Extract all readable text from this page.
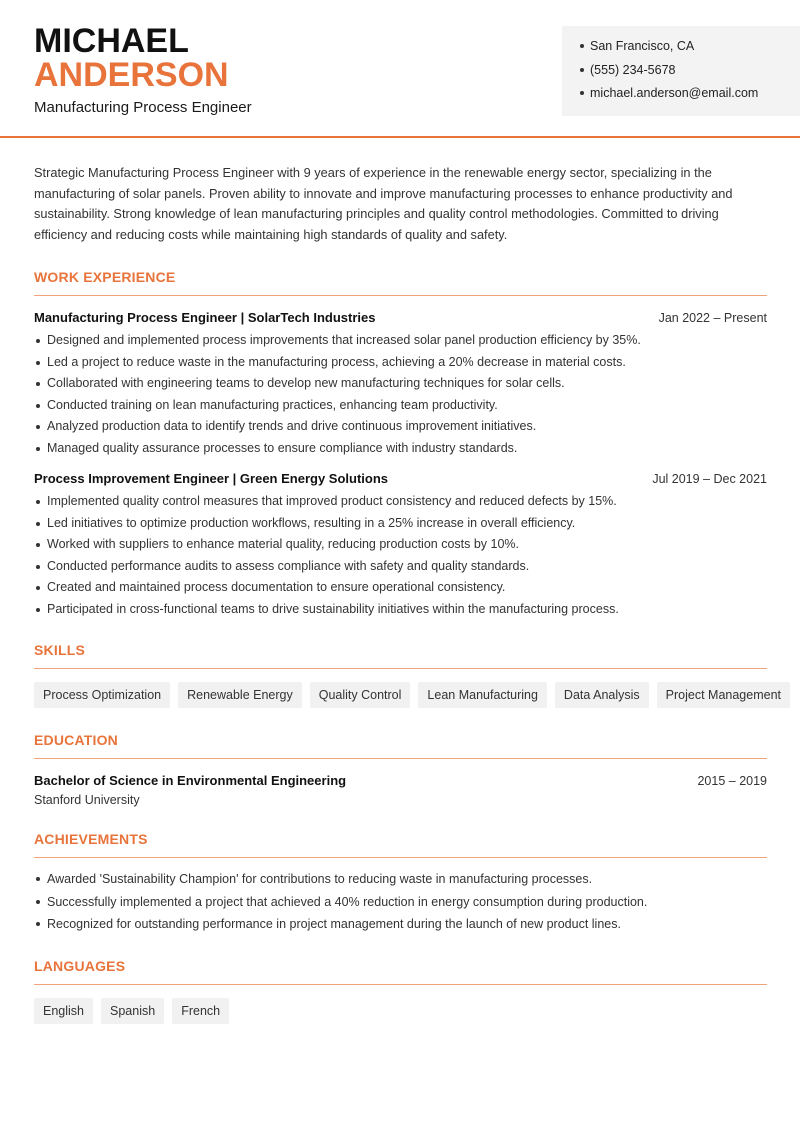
MICHAEL
ANDERSON
Manufacturing Process Engineer
San Francisco, CA
(555) 234-5678
michael.anderson@email.com

Strategic Manufacturing Process Engineer with 9 years of experience in the renewable energy sector, specializing in the manufacturing of solar panels. Proven ability to innovate and improve manufacturing processes to enhance productivity and sustainability. Strong knowledge of lean manufacturing principles and quality control methodologies. Committed to driving efficiency and reducing costs while maintaining high standards of quality and safety.

WORK EXPERIENCE
Manufacturing Process Engineer | SolarTech Industries	Jan 2022 – Present
Designed and implemented process improvements that increased solar panel production efficiency by 35%.
Led a project to reduce waste in the manufacturing process, achieving a 20% decrease in material costs.
Collaborated with engineering teams to develop new manufacturing techniques for solar cells.
Conducted training on lean manufacturing practices, enhancing team productivity.
Analyzed production data to identify trends and drive continuous improvement initiatives.
Managed quality assurance processes to ensure compliance with industry standards.
Process Improvement Engineer | Green Energy Solutions	Jul 2019 – Dec 2021
Implemented quality control measures that improved product consistency and reduced defects by 15%.
Led initiatives to optimize production workflows, resulting in a 25% increase in overall efficiency.
Worked with suppliers to enhance material quality, reducing production costs by 10%.
Conducted performance audits to assess compliance with safety and quality standards.
Created and maintained process documentation to ensure operational consistency.
Participated in cross-functional teams to drive sustainability initiatives within the manufacturing process.
SKILLS
Process Optimization	Renewable Energy	Quality Control	Lean Manufacturing	Data Analysis	Project Management
EDUCATION
Bachelor of Science in Environmental Engineering	2015 – 2019
Stanford University
ACHIEVEMENTS
Awarded 'Sustainability Champion' for contributions to reducing waste in manufacturing processes.
Successfully implemented a project that achieved a 40% reduction in energy consumption during production.
Recognized for outstanding performance in project management during the launch of new product lines.
LANGUAGES
English	Spanish	French
